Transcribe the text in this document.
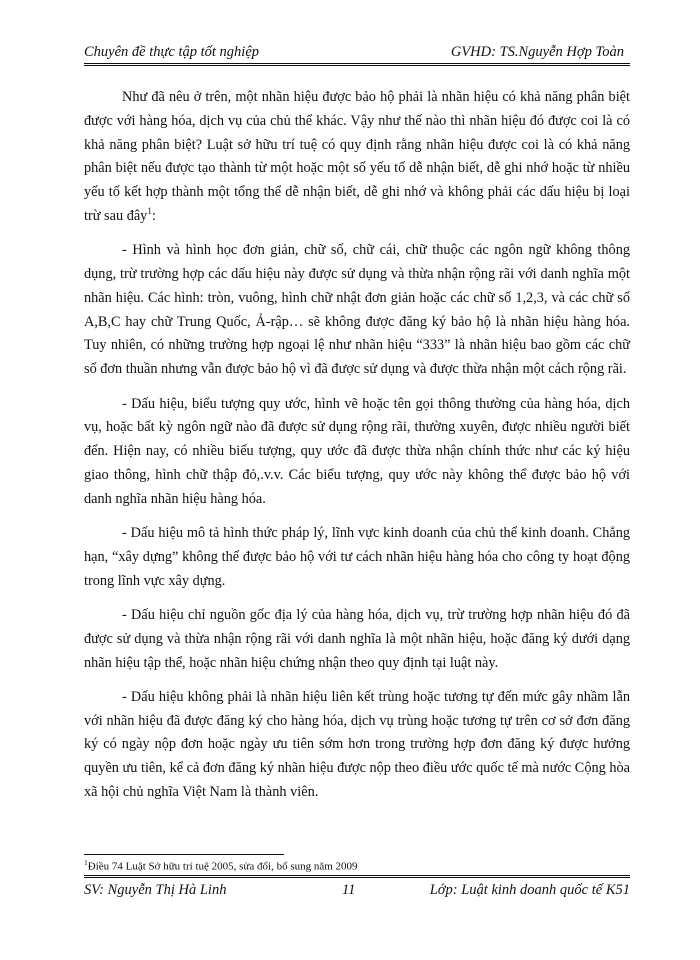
Chuyên đề thực tập tốt nghiệp	GVHD: TS.Nguyễn Hợp Toàn

Như đã nêu ở trên, một nhãn hiệu được bảo hộ phải là nhãn hiệu có khả năng phân biệt được với hàng hóa, dịch vụ của chủ thể khác. Vậy như thế nào thì nhãn hiệu đó được coi là có khả năng phân biệt? Luật sở hữu trí tuệ có quy định rằng nhãn hiệu được coi là có khả năng phân biệt nếu được tạo thành từ một hoặc một số yếu tố dễ nhận biết, dễ ghi nhớ hoặc từ nhiều yếu tố kết hợp thành một tổng thể dễ nhận biết, dễ ghi nhớ và không phải các dấu hiệu bị loại trừ sau đây$^1$:

- Hình và hình học đơn giản, chữ số, chữ cái, chữ thuộc các ngôn ngữ không thông dụng, trừ trường hợp các dấu hiệu này được sử dụng và thừa nhận rộng rãi với danh nghĩa một nhãn hiệu. Các hình: tròn, vuông, hình chữ nhật đơn giản hoặc các chữ số 1,2,3, và các chữ số A,B,C hay chữ Trung Quốc, Ả-rập… sẽ không được đăng ký bảo hộ là nhãn hiệu hàng hóa. Tuy nhiên, có những trường hợp ngoại lệ như nhãn hiệu “333” là nhãn hiệu bao gồm các chữ số đơn thuần nhưng vẫn được bảo hộ vì đã được sử dụng và được thừa nhận một cách rộng rãi.

- Dấu hiệu, biểu tượng quy ước, hình vẽ hoặc tên gọi thông thường của hàng hóa, dịch vụ, hoặc bất kỳ ngôn ngữ nào đã được sử dụng rộng rãi, thường xuyên, được nhiều người biết đến. Hiện nay, có nhiều biểu tượng, quy ước đã được thừa nhận chính thức như các ký hiệu giao thông, hình chữ thập đỏ,.v.v. Các biểu tượng, quy ước này không thể được bảo hộ với danh nghĩa nhãn hiệu hàng hóa.

- Dấu hiệu mô tả hình thức pháp lý, lĩnh vực kinh doanh của chủ thể kinh doanh. Chẳng hạn, “xây dựng” không thể được bảo hộ với tư cách nhãn hiệu hàng hóa cho công ty hoạt động trong lĩnh vực xây dựng.

- Dấu hiệu chỉ nguồn gốc địa lý của hàng hóa, dịch vụ, trừ trường hợp nhãn hiệu đó đã được sử dụng và thừa nhận rộng rãi với danh nghĩa là một nhãn hiệu, hoặc đăng ký dưới dạng nhãn hiệu tập thể, hoặc nhãn hiệu chứng nhận theo quy định tại luật này.

- Dấu hiệu không phải là nhãn hiệu liên kết trùng hoặc tương tự đến mức gây nhầm lẫn với nhãn hiệu đã được đăng ký cho hàng hóa, dịch vụ trùng hoặc tương tự trên cơ sở đơn đăng ký có ngày nộp đơn hoặc ngày ưu tiên sớm hơn trong trường hợp đơn đăng ký được hưởng quyền ưu tiên, kể cả đơn đăng ký nhãn hiệu được nộp theo điều ước quốc tế mà nước Cộng hòa xã hội chủ nghĩa Việt Nam là thành viên.

$^1$Điều 74 Luật Sở hữu trí tuệ 2005, sửa đổi, bổ sung năm 2009
SV: Nguyễn Thị Hà Linh	11	Lớp: Luật kinh doanh quốc tế K51
